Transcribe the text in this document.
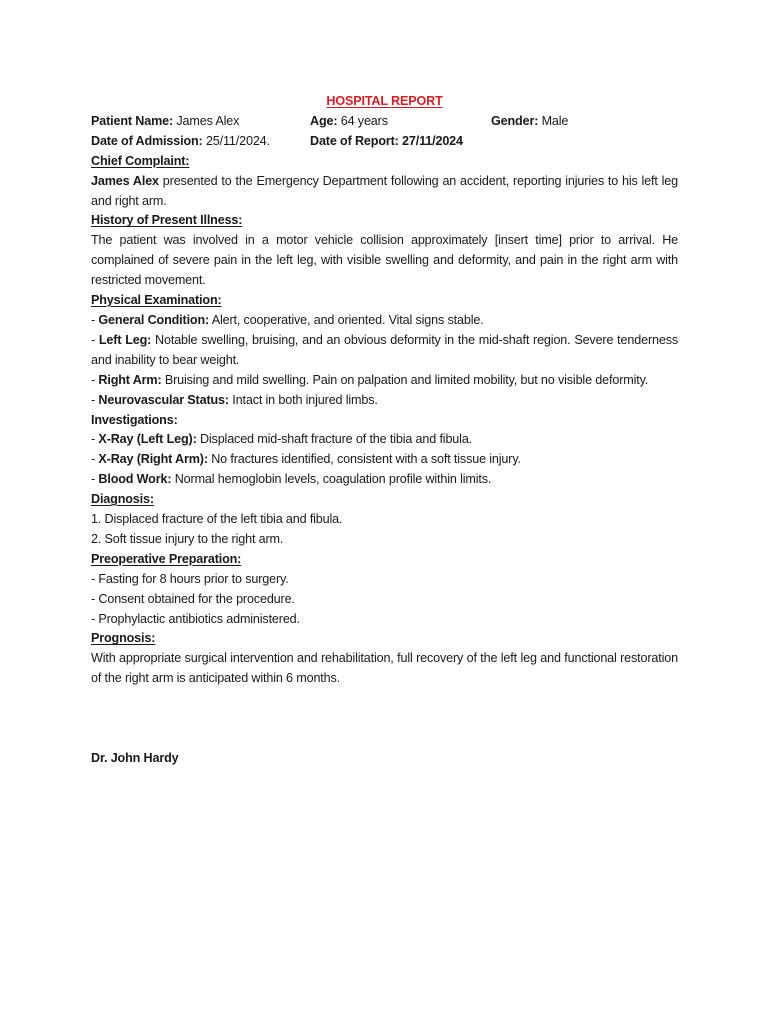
HOSPITAL REPORT
Patient Name: James Alex	Age: 64 years	Gender: Male
Date of Admission: 25/11/2024.	Date of Report: 27/11/2024
Chief Complaint:
James Alex presented to the Emergency Department following an accident, reporting injuries to his left leg and right arm.
History of Present Illness:
The patient was involved in a motor vehicle collision approximately [insert time] prior to arrival. He complained of severe pain in the left leg, with visible swelling and deformity, and pain in the right arm with restricted movement.
Physical Examination:
- General Condition: Alert, cooperative, and oriented. Vital signs stable.
- Left Leg: Notable swelling, bruising, and an obvious deformity in the mid-shaft region. Severe tenderness and inability to bear weight.
- Right Arm: Bruising and mild swelling. Pain on palpation and limited mobility, but no visible deformity.
- Neurovascular Status: Intact in both injured limbs.
Investigations:
- X-Ray (Left Leg): Displaced mid-shaft fracture of the tibia and fibula.
- X-Ray (Right Arm): No fractures identified, consistent with a soft tissue injury.
- Blood Work: Normal hemoglobin levels, coagulation profile within limits.
Diagnosis:
1. Displaced fracture of the left tibia and fibula.
2. Soft tissue injury to the right arm.
Preoperative Preparation:
- Fasting for 8 hours prior to surgery.
- Consent obtained for the procedure.
- Prophylactic antibiotics administered.
Prognosis:
With appropriate surgical intervention and rehabilitation, full recovery of the left leg and functional restoration of the right arm is anticipated within 6 months.
Dr. John Hardy
